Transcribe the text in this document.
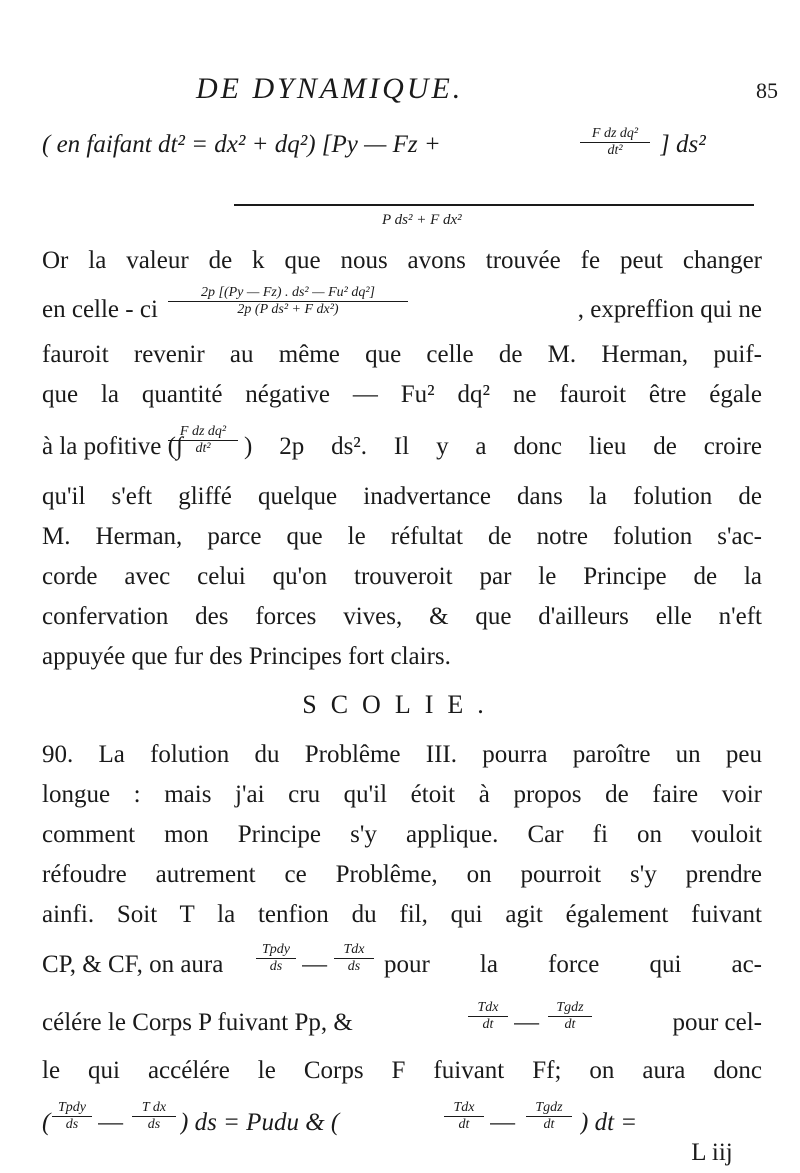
DE DYNAMIQUE.	85
( en faifant dt² = dx² + dq²) [Py — Fz +	$\frac{\text{F dz dq²}}{\text{dt²}}$ ] ds²
P ds² + F dx²
Or la valeur de k que nous avons trouvée fe peut changer
en celle - ci $\frac{\text{2p [(Py — Fz) . ds² — Fu² dq²]}}{\text{2p (P ds² + F dx²)}}$	, expreffion qui ne
fauroit revenir au même que celle de M. Herman, puif-
que la quantité négative — Fu² dq² ne fauroit être égale
à la pofitive (∫
$\frac{\text{F dz dq²}}{\text{dt²}}$ ) 2p ds². Il y a donc lieu de croire
qu'il s'eft gliffé quelque inadvertance dans la folution de
M. Herman, parce que le réfultat de notre folution s'ac-
corde avec celui qu'on trouveroit par le Principe de la
confervation des forces vives, & que d'ailleurs elle n'eft
appuyée que fur des Principes fort clairs.
SCOLIE.
90. La folution du Problême III. pourra paroître un peu
longue : mais j'ai cru qu'il étoit à propos de faire voir
comment mon Principe s'y applique. Car fi on vouloit
réfoudre autrement ce Problême, on pourroit s'y prendre
ainfi. Soit T la tenfion du fil, qui agit également fuivant
CP, & CF, on aura
Tpdy
ds —
Tdx
ds pour la force qui ac-
célére le Corps P fuivant Pp, &
Tdx
dt —
Tgdz
dt	pour cel-
le qui accélére le Corps F fuivant Ff; on aura donc
(
Tpdy
ds — $\frac{\text{T dx}}{ds}$ ) ds = Pudu & (
Tdx
dt —
Tgdz
dt	) dt =
L iij
